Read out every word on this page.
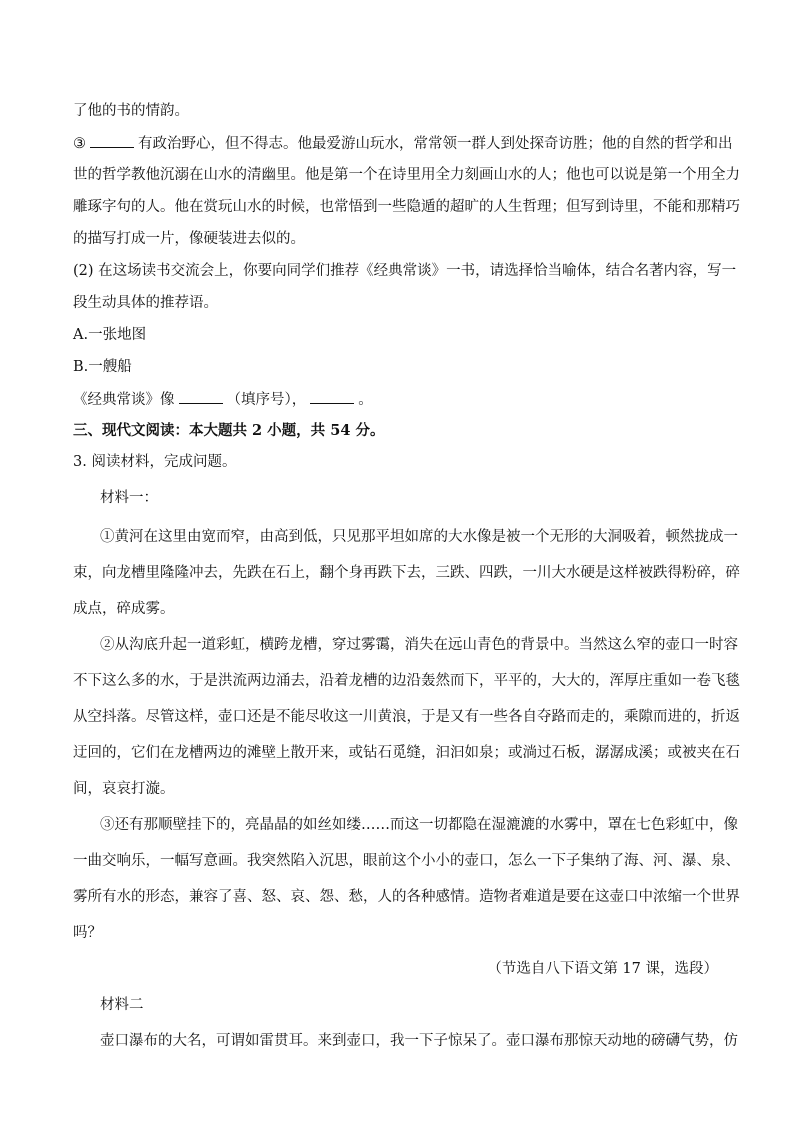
了他的书的情韵。
③	有政治野心，但不得志。他最爱游山玩水，常常领一群人到处探奇访胜；他的自然的哲学和出
世的哲学教他沉溺在山水的清幽里。他是第一个在诗里用全力刻画山水的人；他也可以说是第一个用全力
雕琢字句的人。他在赏玩山水的时候，也常悟到一些隐遁的超旷的人生哲理；但写到诗里，不能和那精巧
的描写打成一片，像硬装进去似的。
(2) 在这场读书交流会上，你要向同学们推荐《经典常谈》一书，请选择恰当喻体，结合名著内容，写一
段生动具体的推荐语。
A.一张地图
B.一艘船
《经典常谈》像	（填序号），	。
三、现代文阅读：本大题共 2 小题，共 54 分。
3. 阅读材料，完成问题。
材料一：
①黄河在这里由宽而窄，由高到低，只见那平坦如席的大水像是被一个无形的大洞吸着，顿然拢成一
束，向龙槽里隆隆冲去，先跌在石上，翻个身再跌下去，三跌、四跌，一川大水硬是这样被跌得粉碎，碎
成点，碎成雾。
②从沟底升起一道彩虹，横跨龙槽，穿过雾霭，消失在远山青色的背景中。当然这么窄的壶口一时容
不下这么多的水，于是洪流两边涌去，沿着龙槽的边沿轰然而下，平平的，大大的，浑厚庄重如一卷飞毯
从空抖落。尽管这样，壶口还是不能尽收这一川黄浪，于是又有一些各自夺路而走的，乘隙而进的，折返
迂回的，它们在龙槽两边的滩壁上散开来，或钻石觅缝，汩汩如泉；或淌过石板，潺潺成溪；或被夹在石
间，哀哀打漩。
③还有那顺壁挂下的，亮晶晶的如丝如缕……而这一切都隐在湿漉漉的水雾中，罩在七色彩虹中，像
一曲交响乐，一幅写意画。我突然陷入沉思，眼前这个小小的壶口，怎么一下子集纳了海、河、瀑、泉、
雾所有水的形态，兼容了喜、怒、哀、怨、愁，人的各种感情。造物者难道是要在这壶口中浓缩一个世界
吗？
（节选自八下语文第 17 课，选段）
材料二
壶口瀑布的大名，可谓如雷贯耳。来到壶口，我一下子惊呆了。壶口瀑布那惊天动地的磅礴气势，仿
